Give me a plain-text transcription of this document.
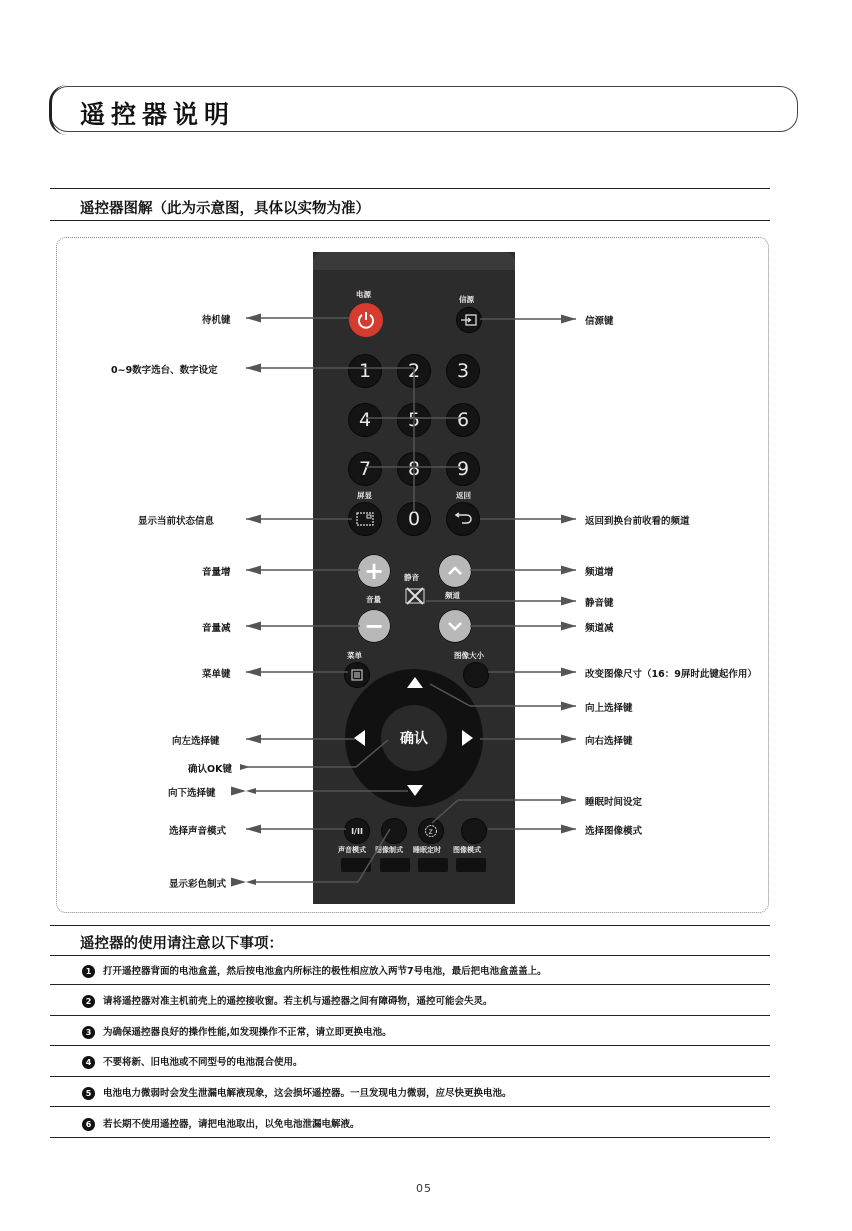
遥控器说明
遥控器图解（此为示意图，具体以实物为准）
电源
信源
1	2	3
4	5	6
7	8	9
屏显
0
返回
+	静音
音量	频道
−
菜单	图像大小
确认
I/II	z
声音模式 图像制式 睡眠定时 图像模式
待机键
0~9数字选台、数字设定
显示当前状态信息
音量增
音量减
菜单键
向左选择键
确认OK键
向下选择键
选择声音模式
显示彩色制式
信源键
返回到换台前收看的频道
频道增
静音键
频道减
改变图像尺寸（16：9屏时此键起作用）
向上选择键
向右选择键
睡眠时间设定
选择图像模式
遥控器的使用请注意以下事项：
1 打开遥控器背面的电池盒盖，然后按电池盒内所标注的极性相应放入两节7号电池，最后把电池盒盖盖上。
2 请将遥控器对准主机前壳上的遥控接收窗。若主机与遥控器之间有障碍物，遥控可能会失灵。
3 为确保遥控器良好的操作性能,如发现操作不正常，请立即更换电池。
4 不要将新、旧电池或不同型号的电池混合使用。
5 电池电力微弱时会发生泄漏电解液现象，这会损坏遥控器。一旦发现电力微弱，应尽快更换电池。
6 若长期不使用遥控器，请把电池取出，以免电池泄漏电解液。
05
